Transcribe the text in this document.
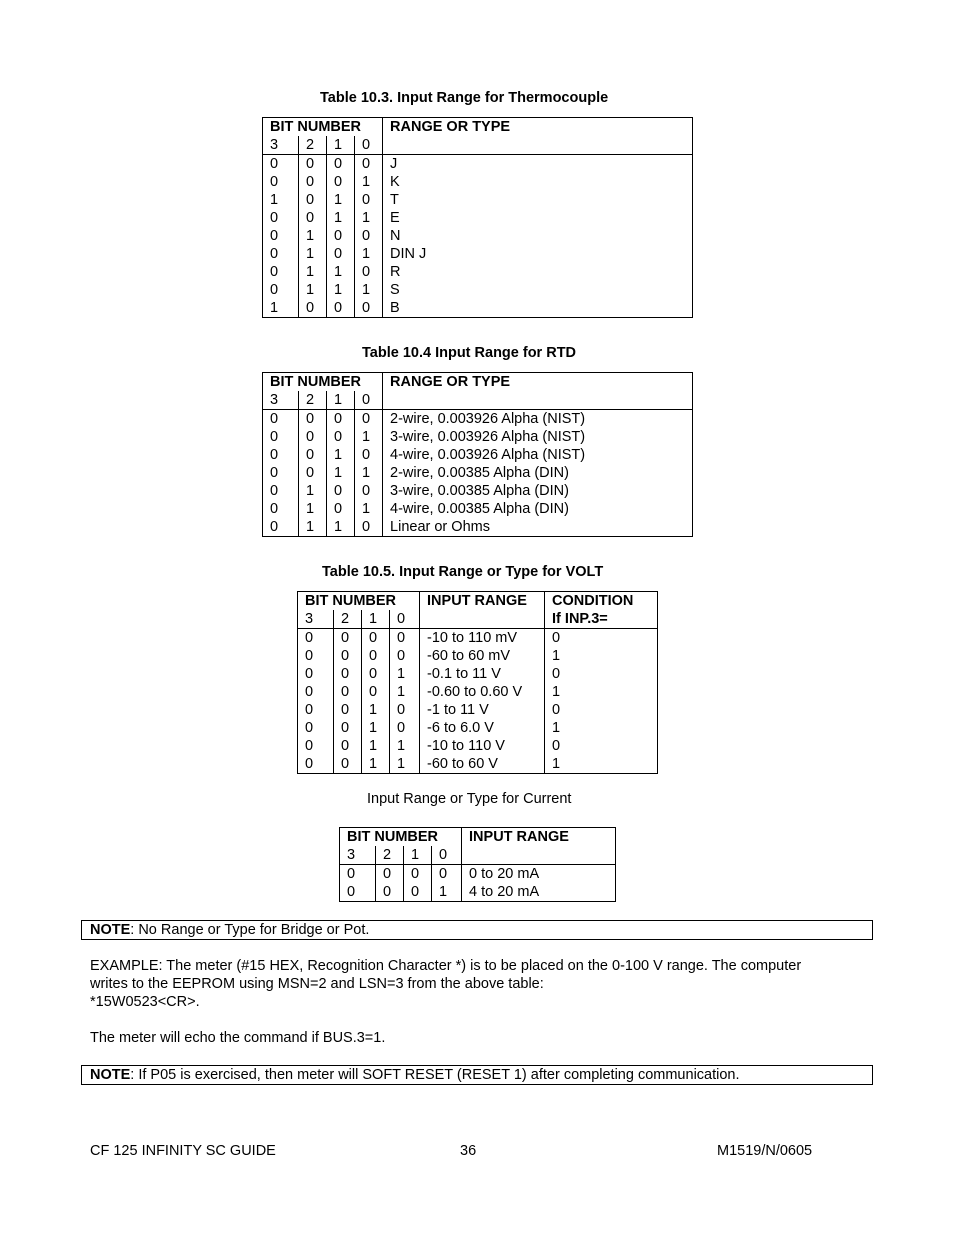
Table 10.3. Input Range for Thermocouple
BIT NUMBER				RANGE OR TYPE
3	2	1	0	
0	0	0	0	J
0	0	0	1	K
1	0	1	0	T
0	0	1	1	E
0	1	0	0	N
0	1	0	1	DIN J
0	1	1	0	R
0	1	1	1	S
1	0	0	0	B
Table 10.4 Input Range for RTD
BIT NUMBER				RANGE OR TYPE
3	2	1	0	
0	0	0	0	2-wire, 0.003926 Alpha (NIST)
0	0	0	1	3-wire, 0.003926 Alpha (NIST)
0	0	1	0	4-wire, 0.003926 Alpha (NIST)
0	0	1	1	2-wire, 0.00385 Alpha (DIN)
0	1	0	0	3-wire, 0.00385 Alpha (DIN)
0	1	0	1	4-wire, 0.00385 Alpha (DIN)
0	1	1	0	Linear or Ohms
Table 10.5. Input Range or Type for VOLT
BIT NUMBER				INPUT RANGE	CONDITION
3	2	1	0		If INP.3=
0	0	0	0	-10 to 110 mV	0
0	0	0	0	-60 to 60 mV	1
0	0	0	1	-0.1 to 11 V	0
0	0	0	1	-0.60 to 0.60 V	1
0	0	1	0	-1 to 11 V	0
0	0	1	0	-6 to 6.0 V	1
0	0	1	1	-10 to 110 V	0
0	0	1	1	-60 to 60 V	1
Input Range or Type for Current
BIT NUMBER				INPUT RANGE
3	2	1	0	
0	0	0	0	0 to 20 mA
0	0	0	1	4 to 20 mA
NOTE: No Range or Type for Bridge or Pot.
EXAMPLE: The meter (#15 HEX, Recognition Character *) is to be placed on the 0-100 V range. The computer
writes to the EEPROM using MSN=2 and LSN=3 from the above table:
*15W0523<CR>.
The meter will echo the command if BUS.3=1.
NOTE: If P05 is exercised, then meter will SOFT RESET (RESET 1) after completing communication.
CF 125 INFINITY SC GUIDE	36	M1519/N/0605
